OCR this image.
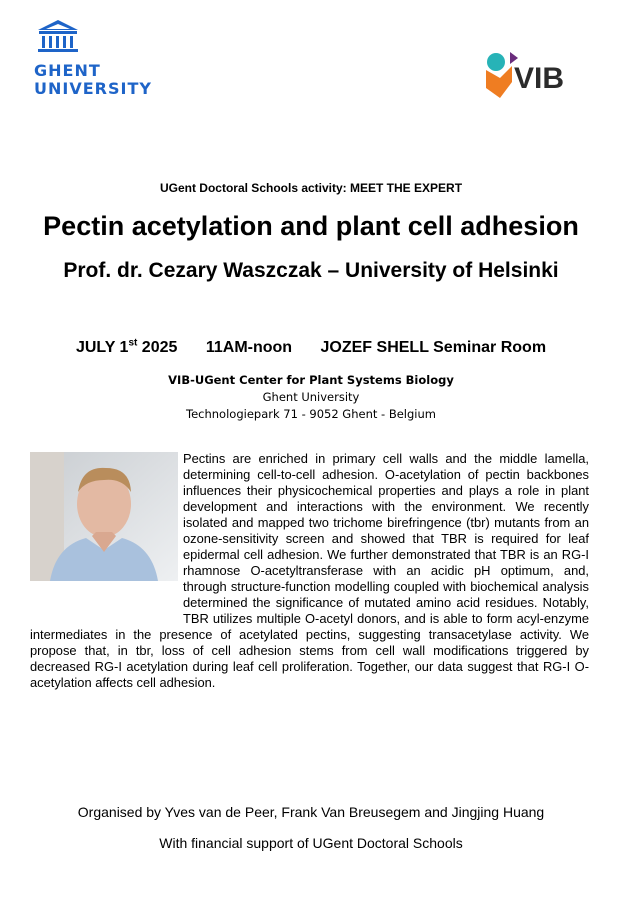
GHENT
UNIVERSITY	VIB
UGent Doctoral Schools activity: MEET THE EXPERT
Pectin acetylation and plant cell adhesion
Prof. dr. Cezary Waszczak – University of Helsinki
JULY 1st 2025 11AM-noon JOZEF SHELL Seminar Room
VIB-UGent Center for Plant Systems Biology
Ghent University
Technologiepark 71 - 9052 Ghent - Belgium
Pectins are enriched in primary cell walls and the middle lamella, determining cell-to-cell adhesion. O-acetylation of pectin backbones influences their physicochemical properties and plays a role in plant development and interactions with the environment. We recently isolated and mapped two trichome birefringence (tbr) mutants from an ozone-sensitivity screen and showed that TBR is required for leaf epidermal cell adhesion. We further demonstrated that TBR is an RG-I rhamnose O-acetyltransferase with an acidic pH optimum, and, through structure-function modelling coupled with biochemical analysis determined the significance of mutated amino acid residues. Notably, TBR utilizes multiple O-acetyl donors, and is able to form acyl-enzyme intermediates in the presence of acetylated pectins, suggesting transacetylase activity. We propose that, in tbr, loss of cell adhesion stems from cell wall modifications triggered by decreased RG-I acetylation during leaf cell proliferation. Together, our data suggest that RG-I O-acetylation affects cell adhesion.
Organised by Yves van de Peer, Frank Van Breusegem and Jingjing Huang
With financial support of UGent Doctoral Schools
